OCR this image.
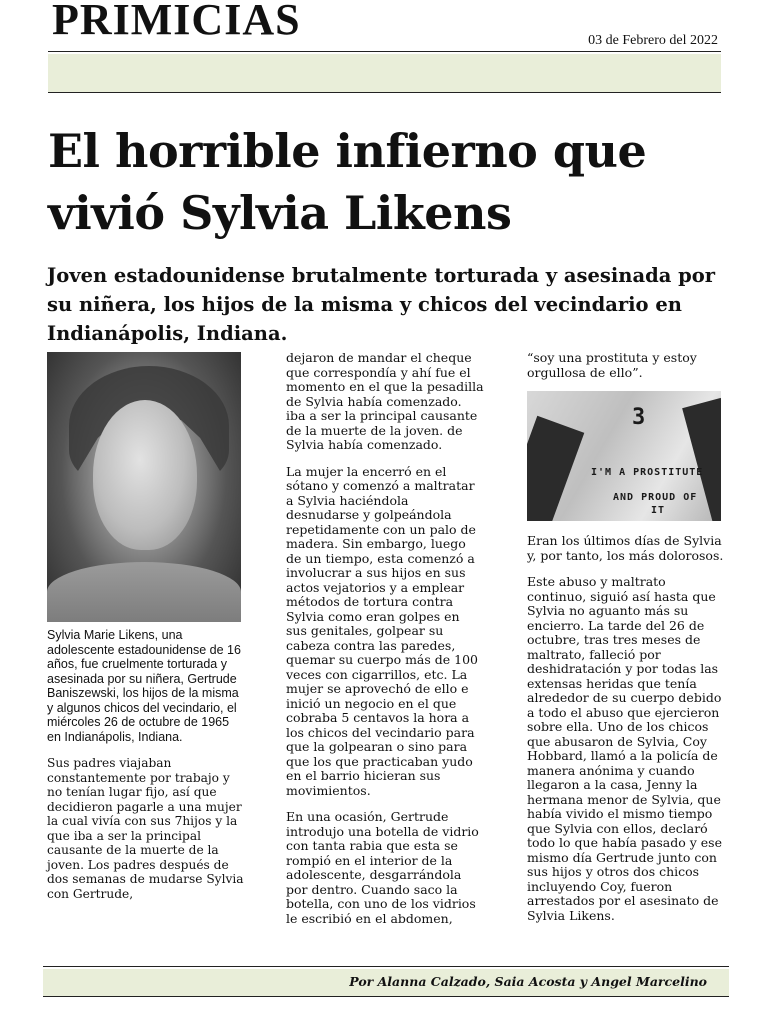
PRIMICIAS	03 de Febrero del 2022
El horrible infierno que vivió Sylvia Likens

Joven estadounidense brutalmente torturada y asesinada por su niñera, los hijos de la misma y chicos del vecindario en Indianápolis, Indiana.

Sylvia Marie Likens, una adolescente estadounidense de 16 años, fue cruelmente torturada y asesinada por su niñera, Gertrude Baniszewski, los hijos de la misma y algunos chicos del vecindario, el miércoles 26 de octubre de 1965 en Indianápolis, Indiana.

Sus padres viajaban constantemente por trabajo y no tenían lugar fijo, así que decidieron pagarle a una mujer la cual vivía con sus 7hijos y la que iba a ser la principal causante de la muerte de la joven. Los padres después de dos semanas de mudarse Sylvia con Gertrude,

dejaron de mandar el cheque que correspondía y ahí fue el momento en el que la pesadilla de Sylvia había comenzado. iba a ser la principal causante de la muerte de la joven. de Sylvia había comenzado.

La mujer la encerró en el sótano y comenzó a maltratar a Sylvia haciéndola desnudarse y golpeándola repetidamente con un palo de madera. Sin embargo, luego de un tiempo, esta comenzó a involucrar a sus hijos en sus actos vejatorios y a emplear métodos de tortura contra Sylvia como eran golpes en sus genitales, golpear su cabeza contra las paredes, quemar su cuerpo más de 100 veces con cigarrillos, etc. La mujer se aprovechó de ello e inició un negocio en el que cobraba 5 centavos la hora a los chicos del vecindario para que la golpearan o sino para que los que practicaban yudo en el barrio hicieran sus movimientos.

En una ocasión, Gertrude introdujo una botella de vidrio con tanta rabia que esta se rompió en el interior de la adolescente, desgarrándola por dentro. Cuando saco la botella, con uno de los vidrios le escribió en el abdomen,

“soy una prostituta y estoy orgullosa de ello”.

3
I'M A PROSTITUTE
AND PROUD OF
IT

Eran los últimos días de Sylvia y, por tanto, los más dolorosos.

Este abuso y maltrato continuo, siguió así hasta que Sylvia no aguanto más su encierro. La tarde del 26 de octubre, tras tres meses de maltrato, falleció por deshidratación y por todas las extensas heridas que tenía alrededor de su cuerpo debido a todo el abuso que ejercieron sobre ella. Uno de los chicos que abusaron de Sylvia, Coy Hobbard, llamó a la policía de manera anónima y cuando llegaron a la casa, Jenny la hermana menor de Sylvia, que había vivido el mismo tiempo que Sylvia con ellos, declaró todo lo que había pasado y ese mismo día Gertrude junto con sus hijos y otros dos chicos incluyendo Coy, fueron arrestados por el asesinato de Sylvia Likens.

Por Alanna Calzado, Saia Acosta y Angel Marcelino
